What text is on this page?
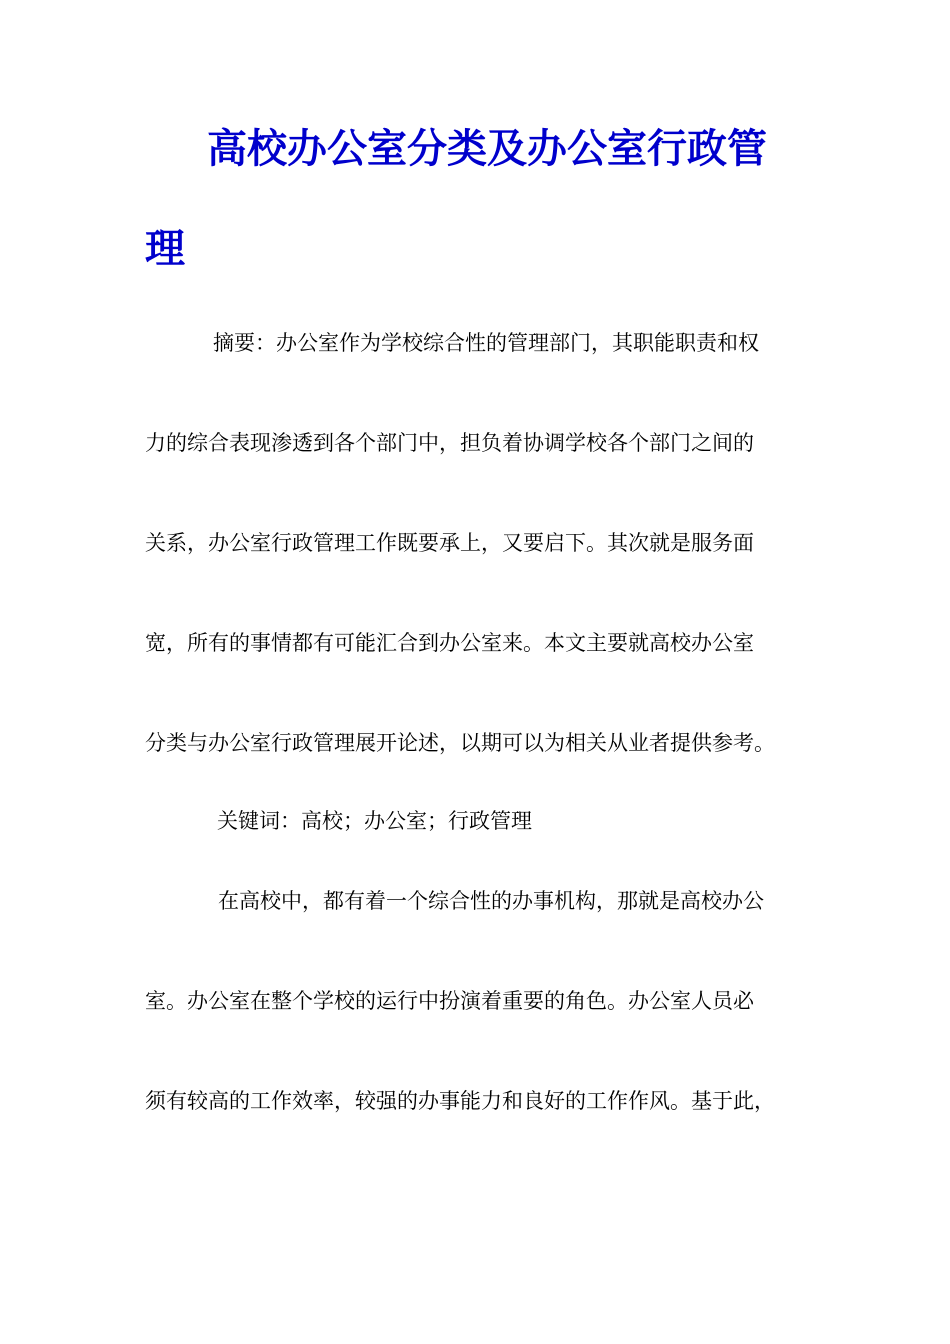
高校办公室分类及办公室行政管
理
摘要：办公室作为学校综合性的管理部门，其职能职责和权
力的综合表现渗透到各个部门中，担负着协调学校各个部门之间的
关系，办公室行政管理工作既要承上，又要启下。其次就是服务面
宽，所有的事情都有可能汇合到办公室来。本文主要就高校办公室
分类与办公室行政管理展开论述，以期可以为相关从业者提供参考。
关键词：高校；办公室；行政管理
在高校中，都有着一个综合性的办事机构，那就是高校办公
室。办公室在整个学校的运行中扮演着重要的角色。办公室人员必
须有较高的工作效率，较强的办事能力和良好的工作作风。基于此，
